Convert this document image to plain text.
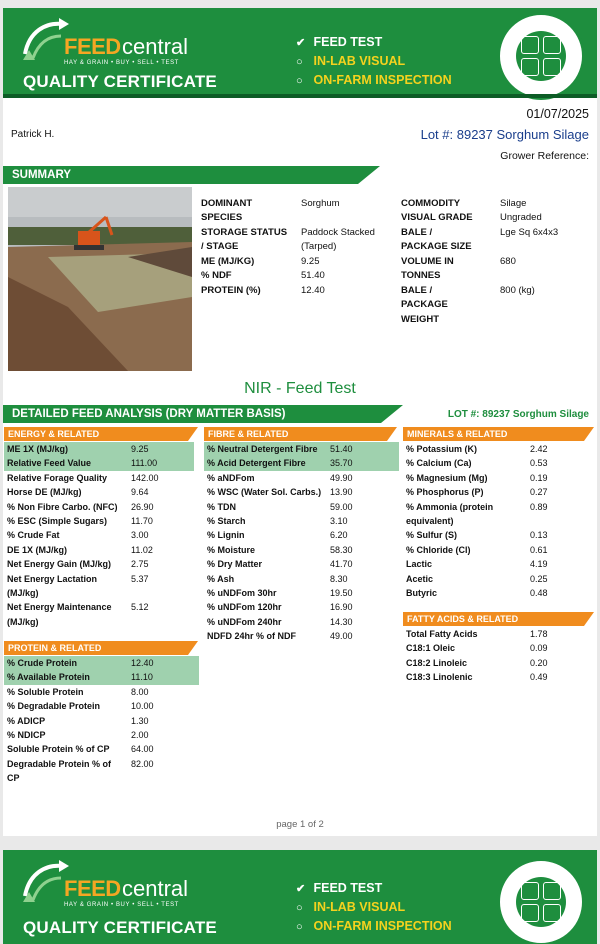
FEED central
HAY & GRAIN • BUY • SELL • TEST
QUALITY CERTIFICATE
✔ FEED TEST
○ IN-LAB VISUAL
○ ON-FARM INSPECTION
01/07/2025
Patrick H.	Lot #: 89237 Sorghum Silage
Grower Reference:
SUMMARY
DOMINANT SPECIES
Sorghum
STORAGE STATUS / STAGE
Paddock Stacked (Tarped)
ME (MJ/KG)	9.25
% NDF	51.40
PROTEIN (%)	12.40
COMMODITY	Silage
VISUAL GRADE	Ungraded
BALE / PACKAGE SIZE
Lge Sq 6x4x3
VOLUME IN TONNES
680
BALE / PACKAGE WEIGHT
800 (kg)
NIR - Feed Test
DETAILED FEED ANALYSIS (DRY MATTER BASIS)	LOT #: 89237 Sorghum Silage
ENERGY & RELATED	FIBRE & RELATED	MINERALS & RELATED
PROTEIN & RELATED
FATTY ACIDS & RELATED
ME 1X (MJ/kg)	9.25
Relative Feed Value	111.00
Relative Forage Quality	142.00
Horse DE (MJ/kg)	9.64
% Non Fibre Carbo. (NFC)	26.90
% ESC (Simple Sugars)	11.70
% Crude Fat	3.00
DE 1X (MJ/kg)	11.02
Net Energy Gain (MJ/kg)	2.75
Net Energy Lactation (MJ/kg)
5.37
Net Energy Maintenance (MJ/kg)
5.12
% Neutral Detergent Fibre	51.40
% Acid Detergent Fibre	35.70
% aNDFom	49.90
% WSC (Water Sol. Carbs.) 13.90
% TDN	59.00
% Starch	3.10
% Lignin	6.20
% Moisture	58.30
% Dry Matter	41.70
% Ash	8.30
% uNDFom 30hr	19.50
% uNDFom 120hr	16.90
% uNDFom 240hr	14.30
NDFD 24hr % of NDF	49.00
% Potassium (K)	2.42
% Calcium (Ca)	0.53
% Magnesium (Mg)	0.19
% Phosphorus (P)	0.27
% Ammonia (protein equivalent)
0.89
% Sulfur (S)	0.13
% Chloride (Cl)	0.61
Lactic	4.19
Acetic	0.25
Butyric	0.48
% Crude Protein	12.40
% Available Protein	11.10
% Soluble Protein	8.00
% Degradable Protein	10.00
% ADICP	1.30
% NDICP	2.00
Soluble Protein % of CP	64.00
Degradable Protein % of CP
82.00
Total Fatty Acids	1.78
C18:1 Oleic	0.09
C18:2 Linoleic	0.20
C18:3 Linolenic	0.49
page 1 of 2
FEED central
HAY & GRAIN • BUY • SELL • TEST
QUALITY CERTIFICATE
✔ FEED TEST
○ IN-LAB VISUAL
○ ON-FARM INSPECTION
